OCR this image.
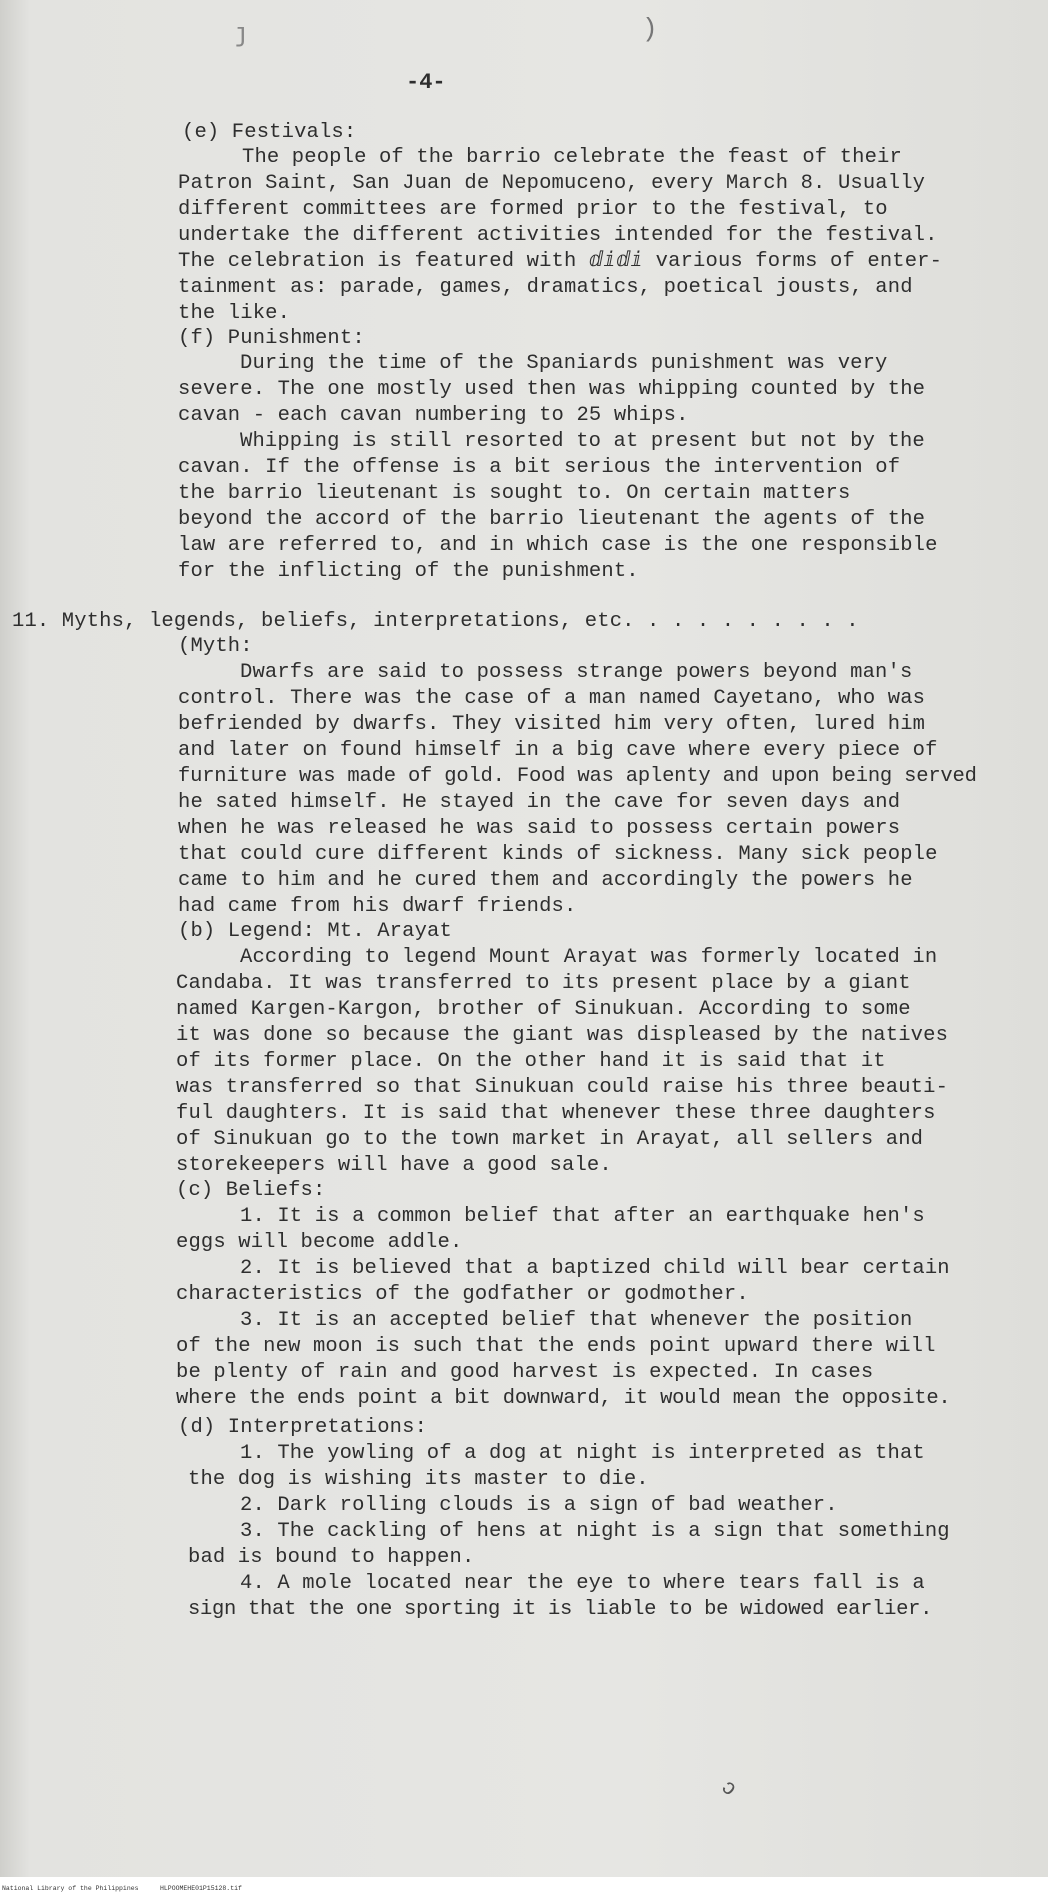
ȷ	)
-4-
(e) Festivals:
The people of the barrio celebrate the feast of their
Patron Saint, San Juan de Nepomuceno, every March 8. Usually
different committees are formed prior to the festival, to
undertake the different activities intended for the festival.
The celebration is featured with ⅆⅈⅆⅈ various forms of enter-
tainment as: parade, games, dramatics, poetical jousts, and
the like.
(f) Punishment:
During the time of the Spaniards punishment was very
severe. The one mostly used then was whipping counted by the
cavan - each cavan numbering to 25 whips.
Whipping is still resorted to at present but not by the
cavan. If the offense is a bit serious the intervention of
the barrio lieutenant is sought to. On certain matters
beyond the accord of the barrio lieutenant the agents of the
law are referred to, and in which case is the one responsible
for the inflicting of the punishment.
11. Myths, legends, beliefs, interpretations, etc. . . . . . . . . .
(Myth:
Dwarfs are said to possess strange powers beyond man's
control. There was the case of a man named Cayetano, who was
befriended by dwarfs. They visited him very often, lured him
and later on found himself in a big cave where every piece of
furniture was made of gold. Food was aplenty and upon being served
he sated himself. He stayed in the cave for seven days and
when he was released he was said to possess certain powers
that could cure different kinds of sickness. Many sick people
came to him and he cured them and accordingly the powers he
had came from his dwarf friends.
(b) Legend: Mt. Arayat
According to legend Mount Arayat was formerly located in
Candaba. It was transferred to its present place by a giant
named Kargen-Kargon, brother of Sinukuan. According to some
it was done so because the giant was displeased by the natives
of its former place. On the other hand it is said that it
was transferred so that Sinukuan could raise his three beauti-
ful daughters. It is said that whenever these three daughters
of Sinukuan go to the town market in Arayat, all sellers and
storekeepers will have a good sale.
(c) Beliefs:
1. It is a common belief that after an earthquake hen's
eggs will become addle.
2. It is believed that a baptized child will bear certain
characteristics of the godfather or godmother.
3. It is an accepted belief that whenever the position
of the new moon is such that the ends point upward there will
be plenty of rain and good harvest is expected. In cases
where the ends point a bit downward, it would mean the opposite.
(d) Interpretations:
1. The yowling of a dog at night is interpreted as that
the dog is wishing its master to die.
2. Dark rolling clouds is a sign of bad weather.
3. The cackling of hens at night is a sign that something
bad is bound to happen.
4. A mole located near the eye to where tears fall is a
sign that the one sporting it is liable to be widowed earlier.
ↄ
National Library of the Philippines	HLPOOMEHE01P15128.tif
